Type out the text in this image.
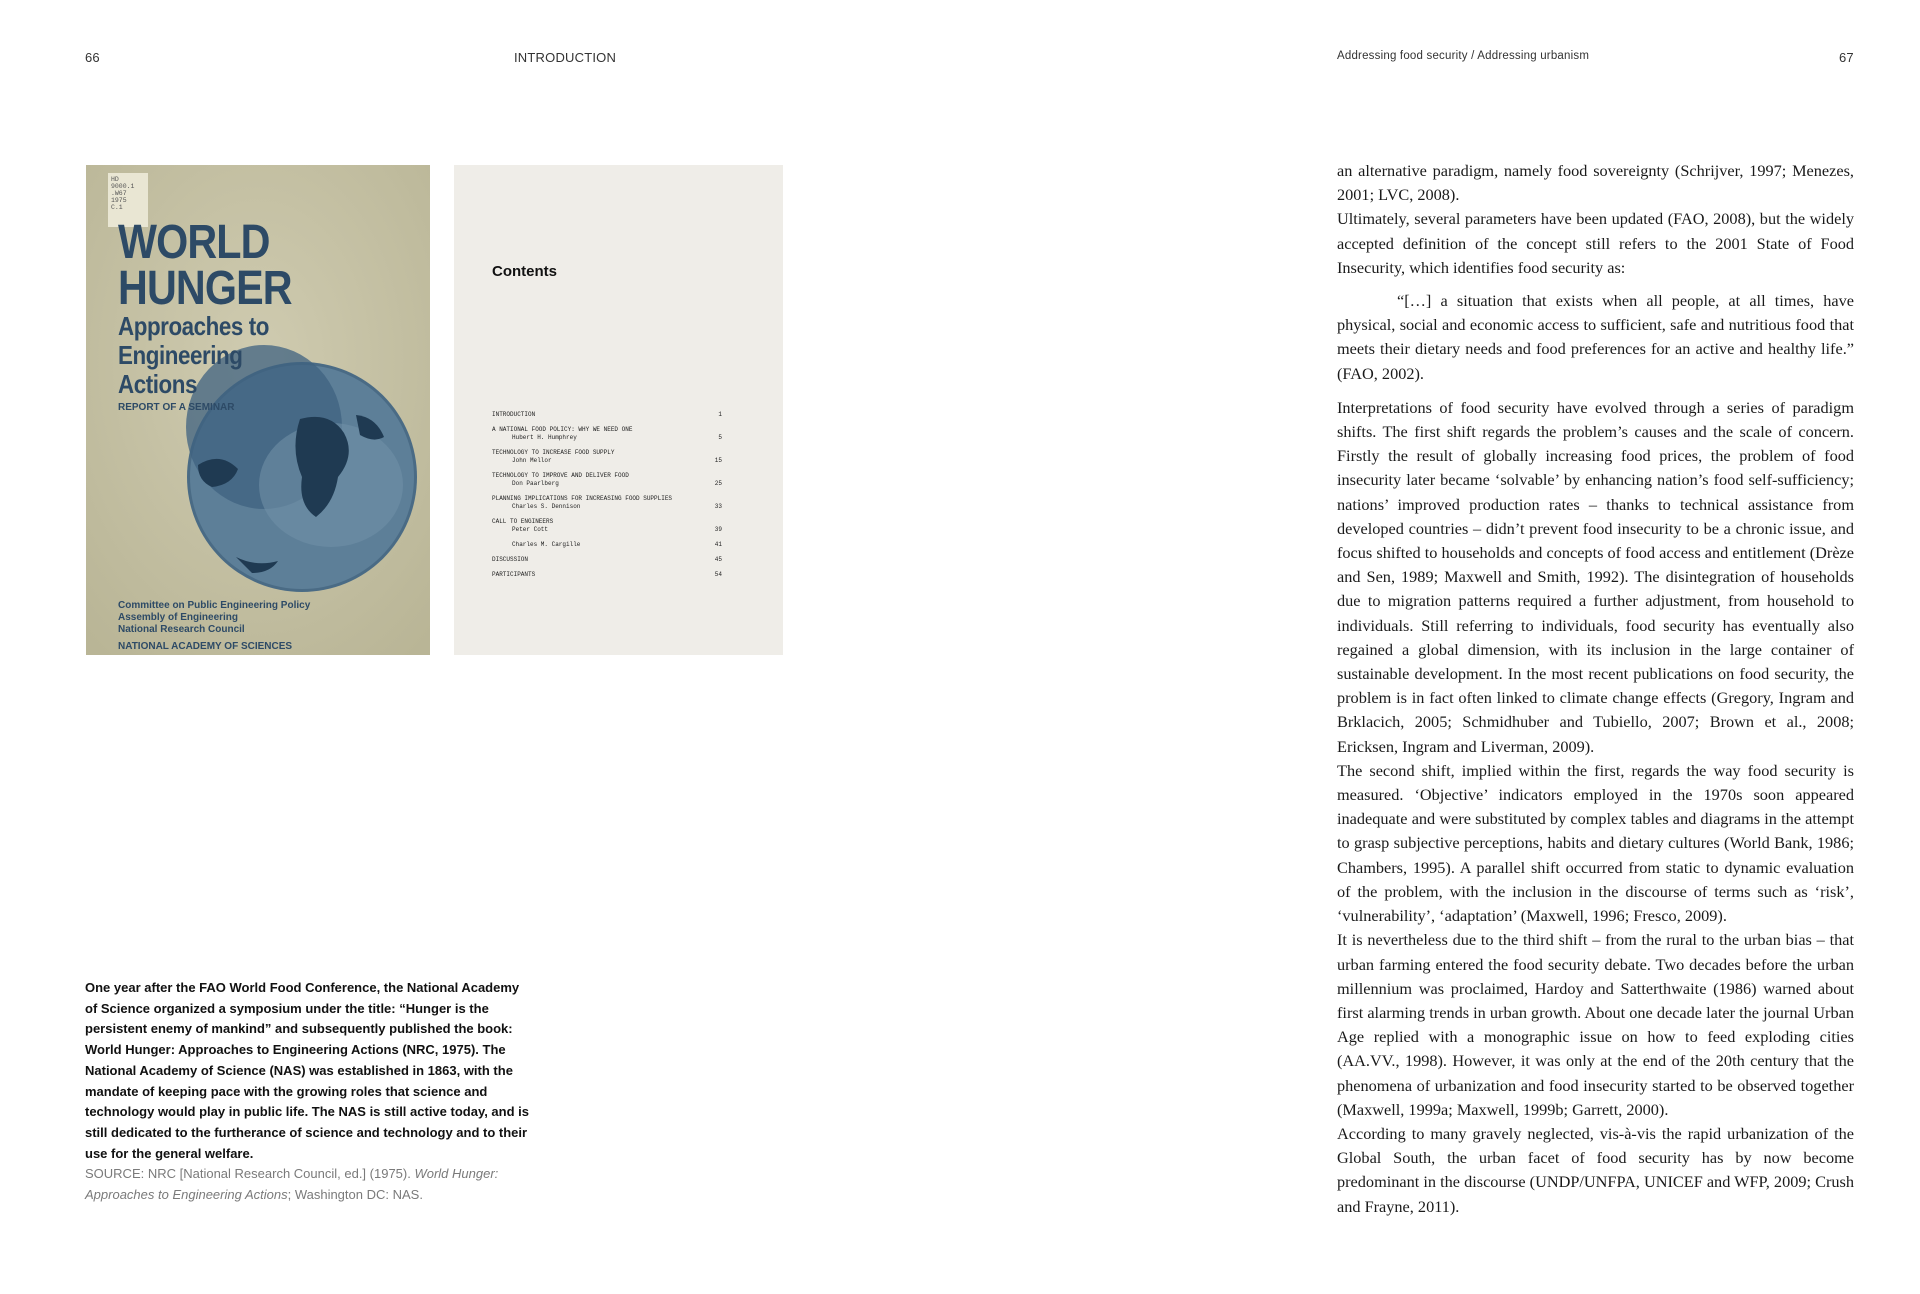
66	INTRODUCTION	Addressing food security / Addressing urbanism	67
HD
9000.1
.W67
1975
C.1
WORLD
HUNGER
Approaches to
Engineering
Actions
REPORT OF A SEMINAR
Committee on Public Engineering Policy
Assembly of Engineering
National Research Council
NATIONAL ACADEMY OF SCIENCES
Contents
INTRODUCTION	1
A NATIONAL FOOD POLICY: WHY WE NEED ONE
Hubert H. Humphrey	5
TECHNOLOGY TO INCREASE FOOD SUPPLY
John Mellor	15
TECHNOLOGY TO IMPROVE AND DELIVER FOOD
Don Paarlberg	25
PLANNING IMPLICATIONS FOR INCREASING FOOD SUPPLIES
Charles S. Dennison	33
CALL TO ENGINEERS
Peter Cott	39
Charles M. Cargille	41
DISCUSSION	45
PARTICIPANTS	54
One year after the FAO World Food Conference, the National Academy of Science organized a symposium under the title: “Hunger is the persistent enemy of mankind” and subsequently published the book: World Hunger: Approaches to Engineering Actions (NRC, 1975). The National Academy of Science (NAS) was established in 1863, with the mandate of keeping pace with the growing roles that science and technology would play in public life. The NAS is still active today, and is still dedicated to the furtherance of science and technology and to their use for the general welfare.
SOURCE: NRC [National Research Council, ed.] (1975). World Hunger: Approaches to Engineering Actions; Washington DC: NAS.

an alternative paradigm, namely food sovereignty (Schrijver, 1997; Menezes, 2001; LVC, 2008).

Ultimately, several parameters have been updated (FAO, 2008), but the widely accepted definition of the concept still refers to the 2001 State of Food Insecurity, which identifies food security as:

“[…] a situation that exists when all people, at all times, have physical, social and economic access to sufficient, safe and nutritious food that meets their dietary needs and food preferences for an active and healthy life.” (FAO, 2002).

Interpretations of food security have evolved through a series of paradigm shifts. The first shift regards the problem’s causes and the scale of concern. Firstly the result of globally increasing food prices, the problem of food insecurity later became ‘solvable’ by enhancing nation’s food self-sufficiency; nations’ improved production rates – thanks to technical assistance from developed countries – didn’t prevent food insecurity to be a chronic issue, and focus shifted to households and concepts of food access and entitlement (Drèze and Sen, 1989; Maxwell and Smith, 1992). The disintegration of households due to migration patterns required a further adjustment, from household to individuals. Still referring to individuals, food security has eventually also regained a global dimension, with its inclusion in the large container of sustainable development. In the most recent publications on food security, the problem is in fact often linked to climate change effects (Gregory, Ingram and Brklacich, 2005; Schmidhuber and Tubiello, 2007; Brown et al., 2008; Ericksen, Ingram and Liverman, 2009).

The second shift, implied within the first, regards the way food security is measured. ‘Objective’ indicators employed in the 1970s soon appeared inadequate and were substituted by complex tables and diagrams in the attempt to grasp subjective perceptions, habits and dietary cultures (World Bank, 1986; Chambers, 1995). A parallel shift occurred from static to dynamic evaluation of the problem, with the inclusion in the discourse of terms such as ‘risk’, ‘vulnerability’, ‘adaptation’ (Maxwell, 1996; Fresco, 2009).

It is nevertheless due to the third shift – from the rural to the urban bias – that urban farming entered the food security debate. Two decades before the urban millennium was proclaimed, Hardoy and Satterthwaite (1986) warned about first alarming trends in urban growth. About one decade later the journal Urban Age replied with a monographic issue on how to feed exploding cities (AA.VV., 1998). However, it was only at the end of the 20th century that the phenomena of urbanization and food insecurity started to be observed together (Maxwell, 1999a; Maxwell, 1999b; Garrett, 2000).

According to many gravely neglected, vis-à-vis the rapid urbanization of the Global South, the urban facet of food security has by now become predominant in the discourse (UNDP/UNFPA, UNICEF and WFP, 2009; Crush and Frayne, 2011).
